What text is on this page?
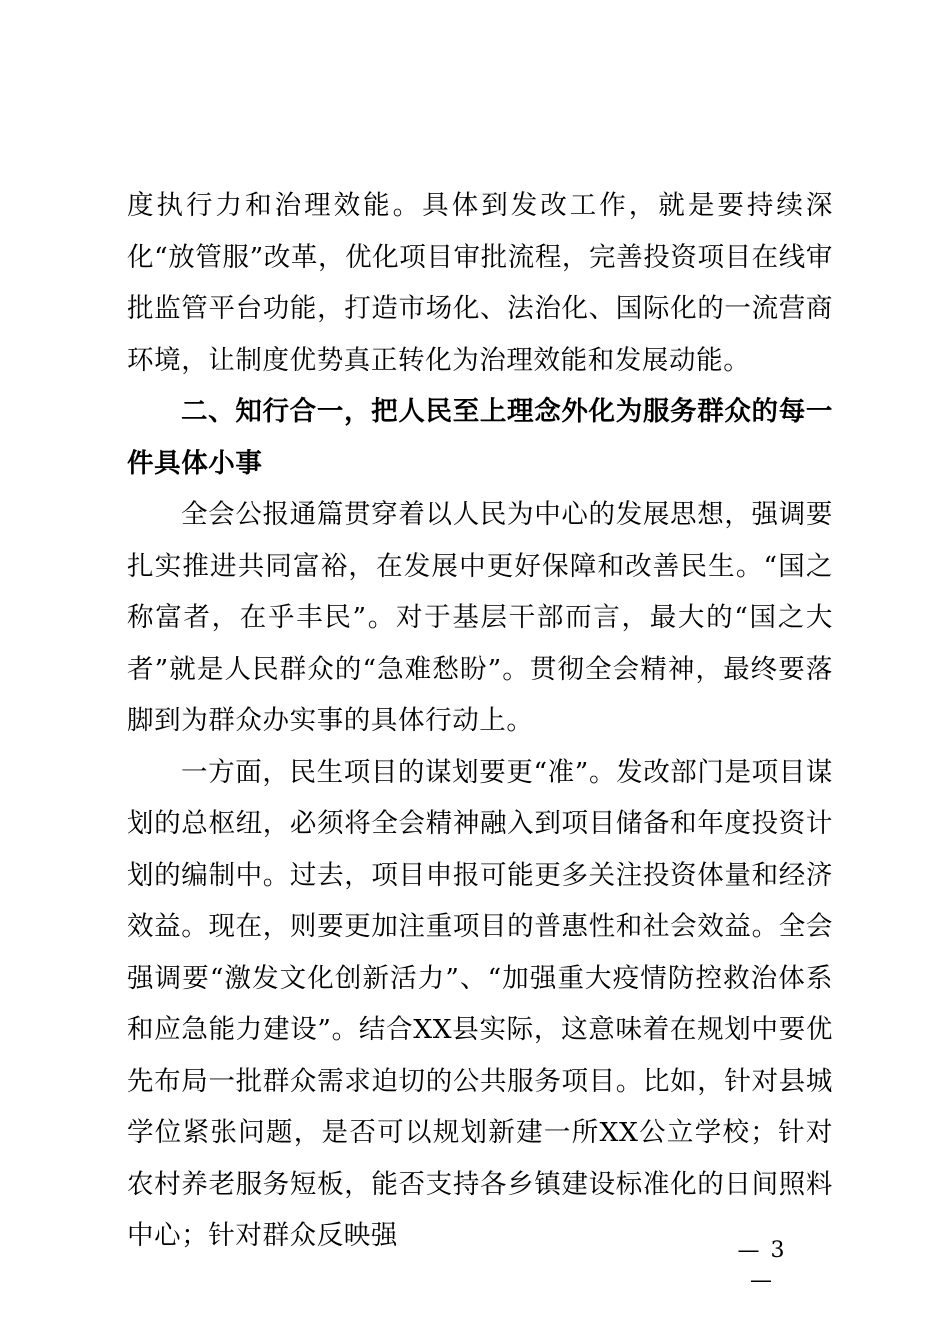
度执行力和治理效能。具体到发改工作，就是要持续深化“放管服”改革，优化项目审批流程，完善投资项目在线审批监管平台功能，打造市场化、法治化、国际化的一流营商环境，让制度优势真正转化为治理效能和发展动能。

二、知行合一，把人民至上理念外化为服务群众的每一件具体小事

全会公报通篇贯穿着以人民为中心的发展思想，强调要扎实推进共同富裕，在发展中更好保障和改善民生。“国之称富者，在乎丰民”。对于基层干部而言，最大的“国之大者”就是人民群众的“急难愁盼”。贯彻全会精神，最终要落脚到为群众办实事的具体行动上。

一方面，民生项目的谋划要更“准”。发改部门是项目谋划的总枢纽，必须将全会精神融入到项目储备和年度投资计划的编制中。过去，项目申报可能更多关注投资体量和经济效益。现在，则要更加注重项目的普惠性和社会效益。全会强调要“激发文化创新活力”、“加强重大疫情防控救治体系和应急能力建设”。结合XX县实际，这意味着在规划中要优先布局一批群众需求迫切的公共服务项目。比如，针对县城学位紧张问题，是否可以规划新建一所XX公立学校；针对农村养老服务短板，能否支持各乡镇建设标准化的日间照料中心；针对群众反映强	— 3 —
